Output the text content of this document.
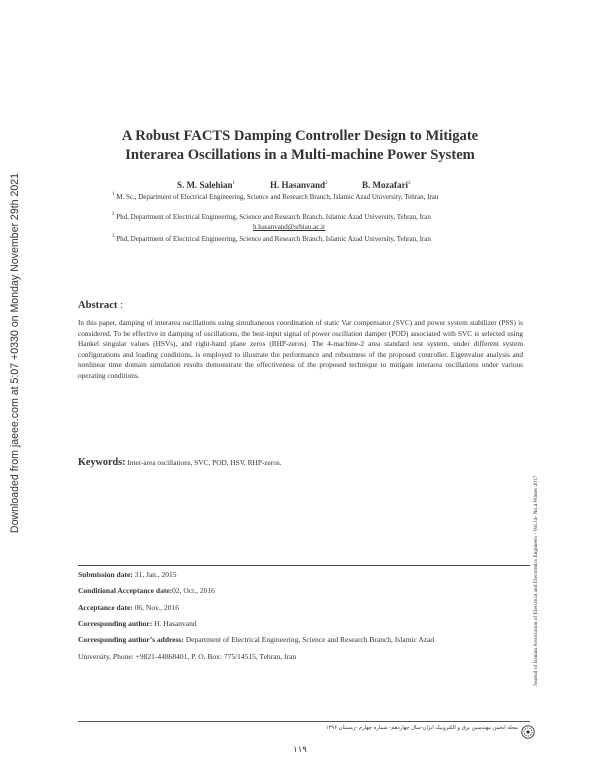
Downloaded from jaeee.com at 5:07 +0330 on Monday November 29th 2021
Journal of Iranian Association of Electrical and Electronics Engineers - Vol.14- No.4 Winter 2017
A Robust FACTS Damping Controller Design to Mitigate
Interarea Oscillations in a Multi-machine Power System
S. M. Salehian$^1$	H. Hasanvand$^2$	B. Mozafari$^3$
$^1$ M. Sc., Department of Electrical Engineering, Science and Research Branch, Islamic Azad University, Tehran, Iran
$^2$ Phd, Department of Electrical Engineering, Science and Research Branch, Islamic Azad University, Tehran, Iran
h.hasanvand@srbiau.ac.ir
$^3$ Phd, Department of Electrical Engineering, Science and Research Branch, Islamic Azad University, Tehran, Iran
Abstract :
In this paper, damping of interarea oscillations using simultaneous coordination of static Var compensator (SVC) and power system stabilizer (PSS) is considered. To be effective in damping of oscillations, the best-input signal of power oscillation damper (POD) associated with SVC is selected using Hankel singular values (HSVs), and right-hand plane zeros (RHP-zeros). The 4-machine-2 area standard test system, under different system configurations and loading conditions, is employed to illustrate the performance and robustness of the proposed controller. Eigenvalue analysis and nonlinear time domain simulation results demonstrate the effectiveness of the proposed technique to mitigate interarea oscillations under various operating conditions.
Keywords: Inter-area oscillations, SVC, POD, HSV, RHP-zeros.
Submission date: 31, Jan., 2015
Conditional Acceptance date:02, Oct., 2016
Acceptance date: 06, Nov., 2016
Corresponding author: H. Hasanvand
Corresponding author’s address: Department of Electrical Engineering, Science and Research Branch, Islamic Azad
University, Phone: +9821-44868401, P. O. Box: 775/14515, Tehran, Iran
مجله انجمن مهندسین برق و الکترونیک ایران-سال چهاردهم- شماره چهارم -زمستان ۱۳۹۶
۱۱۹
